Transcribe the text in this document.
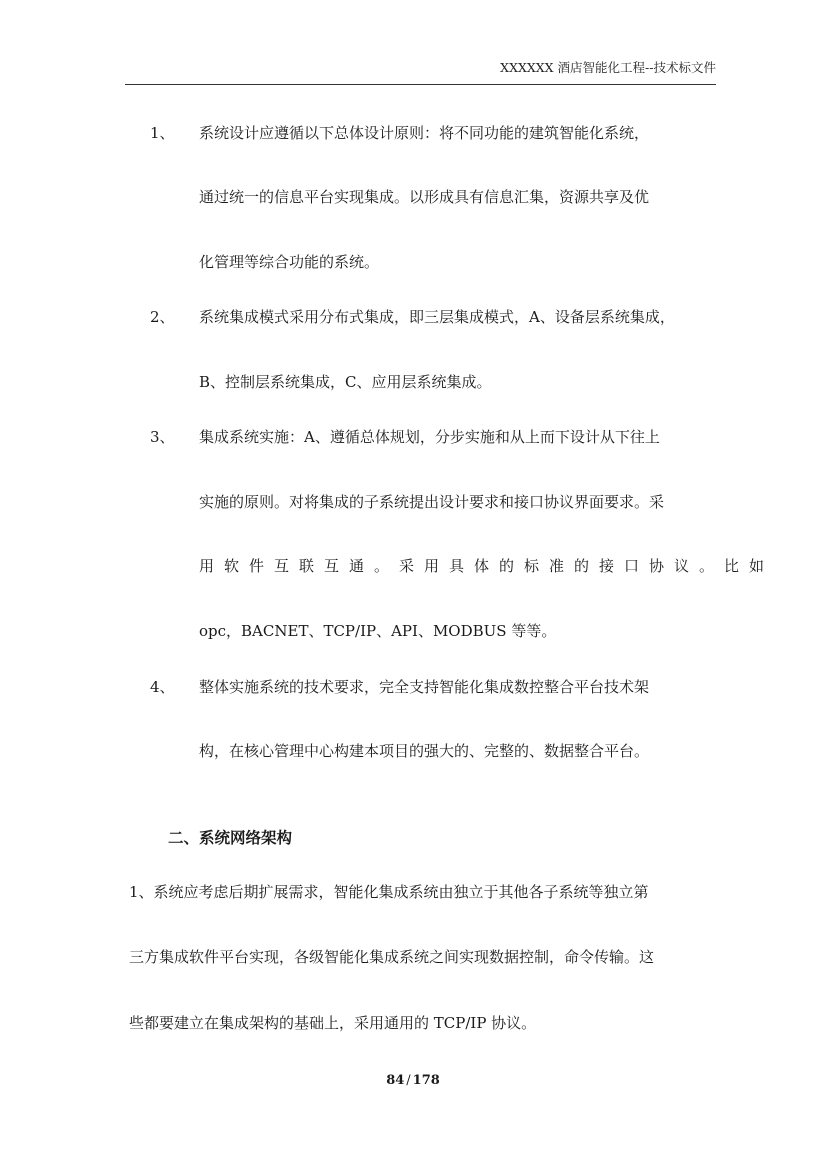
XXXXXX 酒店智能化工程--技术标文件
1、 系统设计应遵循以下总体设计原则：将不同功能的建筑智能化系统，
通过统一的信息平台实现集成。以形成具有信息汇集，资源共享及优
化管理等综合功能的系统。
2、 系统集成模式采用分布式集成，即三层集成模式，A、设备层系统集成，
B、控制层系统集成，C、应用层系统集成。
3、 集成系统实施：A、遵循总体规划，分步实施和从上而下设计从下往上
实施的原则。对将集成的子系统提出设计要求和接口协议界面要求。采
用软件互联互通。采用具体的标准的接口协议。比如
opc，BACNET、TCP/IP、API、MODBUS 等等。
4、 整体实施系统的技术要求，完全支持智能化集成数控整合平台技术架
构，在核心管理中心构建本项目的强大的、完整的、数据整合平台。
二、系统网络架构
1、系统应考虑后期扩展需求，智能化集成系统由独立于其他各子系统等独立第
三方集成软件平台实现，各级智能化集成系统之间实现数据控制，命令传输。这
些都要建立在集成架构的基础上，采用通用的 TCP/IP 协议。
84 / 178
